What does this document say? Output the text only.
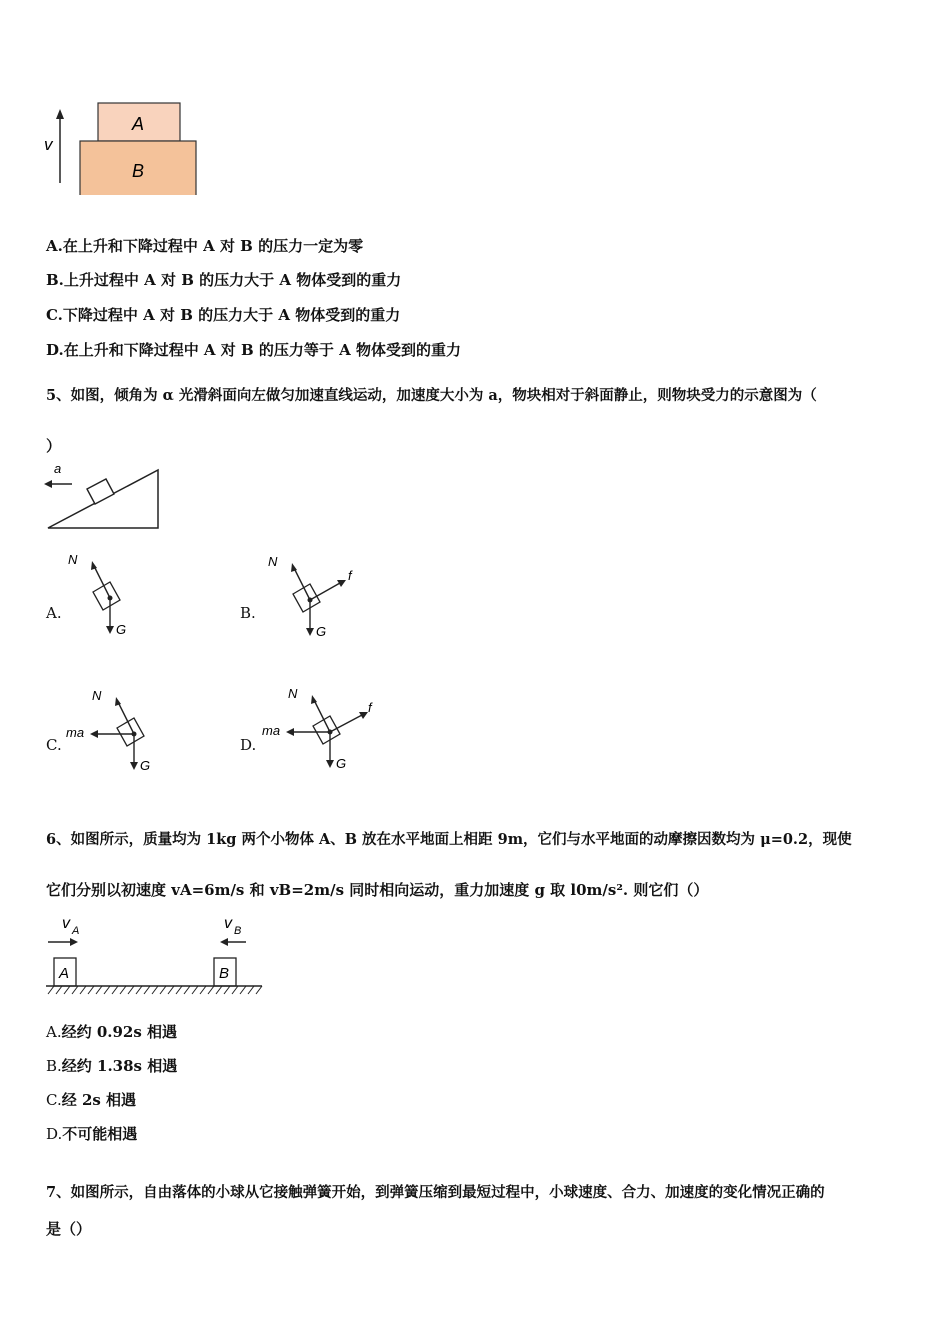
v
A
B
A.在上升和下降过程中 A 对 B 的压力一定为零
B.上升过程中 A 对 B 的压力大于 A 物体受到的重力
C.下降过程中 A 对 B 的压力大于 A 物体受到的重力
D.在上升和下降过程中 A 对 B 的压力等于 A 物体受到的重力
5、如图，倾角为 α 光滑斜面向左做匀加速直线运动，加速度大小为 a，物块相对于斜面静止，则物块受力的示意图为（
）
a
A.
N
G
B.
N
f
G
C.
N
ma
G
D.
N
ma
f
G
6、如图所示，质量均为 1kg 两个小物体 A、B 放在水平地面上相距 9m，它们与水平地面的动摩擦因数均为 μ=0.2，现使
它们分别以初速度 vA=6m/s 和 vB=2m/s 同时相向运动，重力加速度 g 取 l0m/s². 则它们（）
v A	v B
A	B
A.经约 0.92s 相遇
B.经约 1.38s 相遇
C.经 2s 相遇
D.不可能相遇
7、如图所示，自由落体的小球从它接触弹簧开始，到弹簧压缩到最短过程中，小球速度、合力、加速度的变化情况正确的
是（）
